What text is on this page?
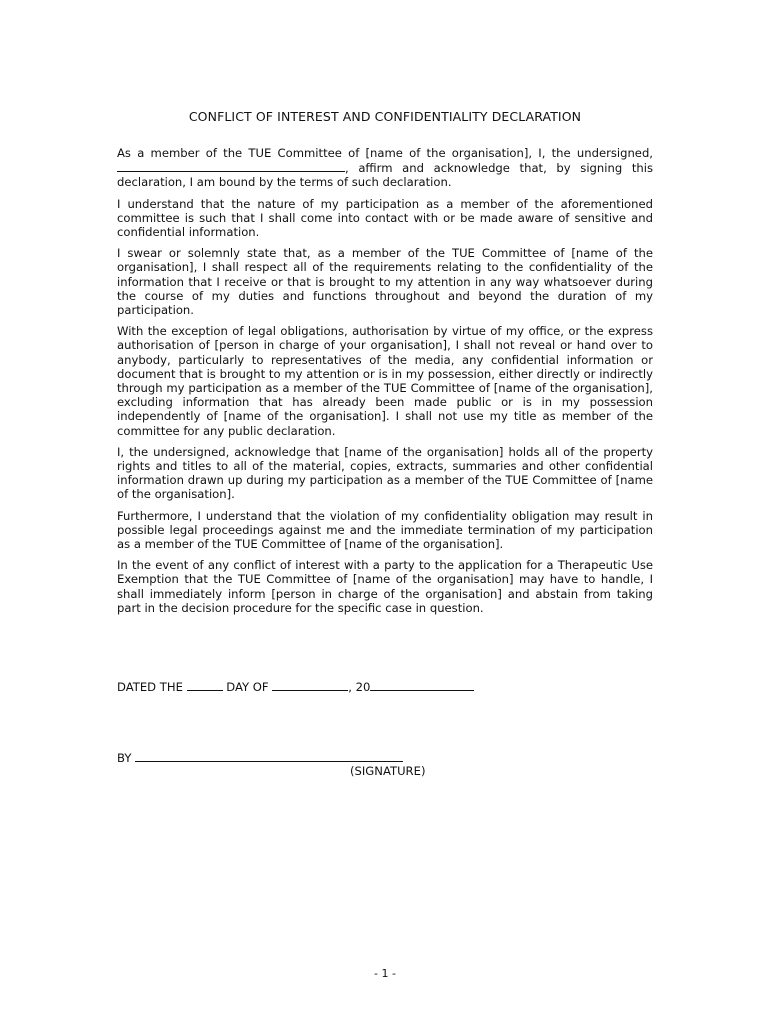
CONFLICT OF INTEREST AND CONFIDENTIALITY DECLARATION

As a member of the TUE Committee of [name of the organisation], I, the undersigned, , affirm and acknowledge that, by signing this declaration, I am bound by the terms of such declaration.

I understand that the nature of my participation as a member of the aforementioned committee is such that I shall come into contact with or be made aware of sensitive and confidential information.

I swear or solemnly state that, as a member of the TUE Committee of [name of the organisation], I shall respect all of the requirements relating to the confidentiality of the information that I receive or that is brought to my attention in any way whatsoever during the course of my duties and functions throughout and beyond the duration of my participation.

With the exception of legal obligations, authorisation by virtue of my office, or the express authorisation of [person in charge of your organisation], I shall not reveal or hand over to anybody, particularly to representatives of the media, any confidential information or document that is brought to my attention or is in my possession, either directly or indirectly through my participation as a member of the TUE Committee of [name of the organisation], excluding information that has already been made public or is in my possession independently of [name of the organisation]. I shall not use my title as member of the committee for any public declaration.

I, the undersigned, acknowledge that [name of the organisation] holds all of the property rights and titles to all of the material, copies, extracts, summaries and other confidential information drawn up during my participation as a member of the TUE Committee of [name of the organisation].

Furthermore, I understand that the violation of my confidentiality obligation may result in possible legal proceedings against me and the immediate termination of my participation as a member of the TUE Committee of [name of the organisation].

In the event of any conflict of interest with a party to the application for a Therapeutic Use Exemption that the TUE Committee of [name of the organisation] may have to handle, I shall immediately inform [person in charge of the organisation] and abstain from taking part in the decision procedure for the specific case in question.

DATED THE	DAY OF	, 20
BY
(SIGNATURE)
- 1 -
